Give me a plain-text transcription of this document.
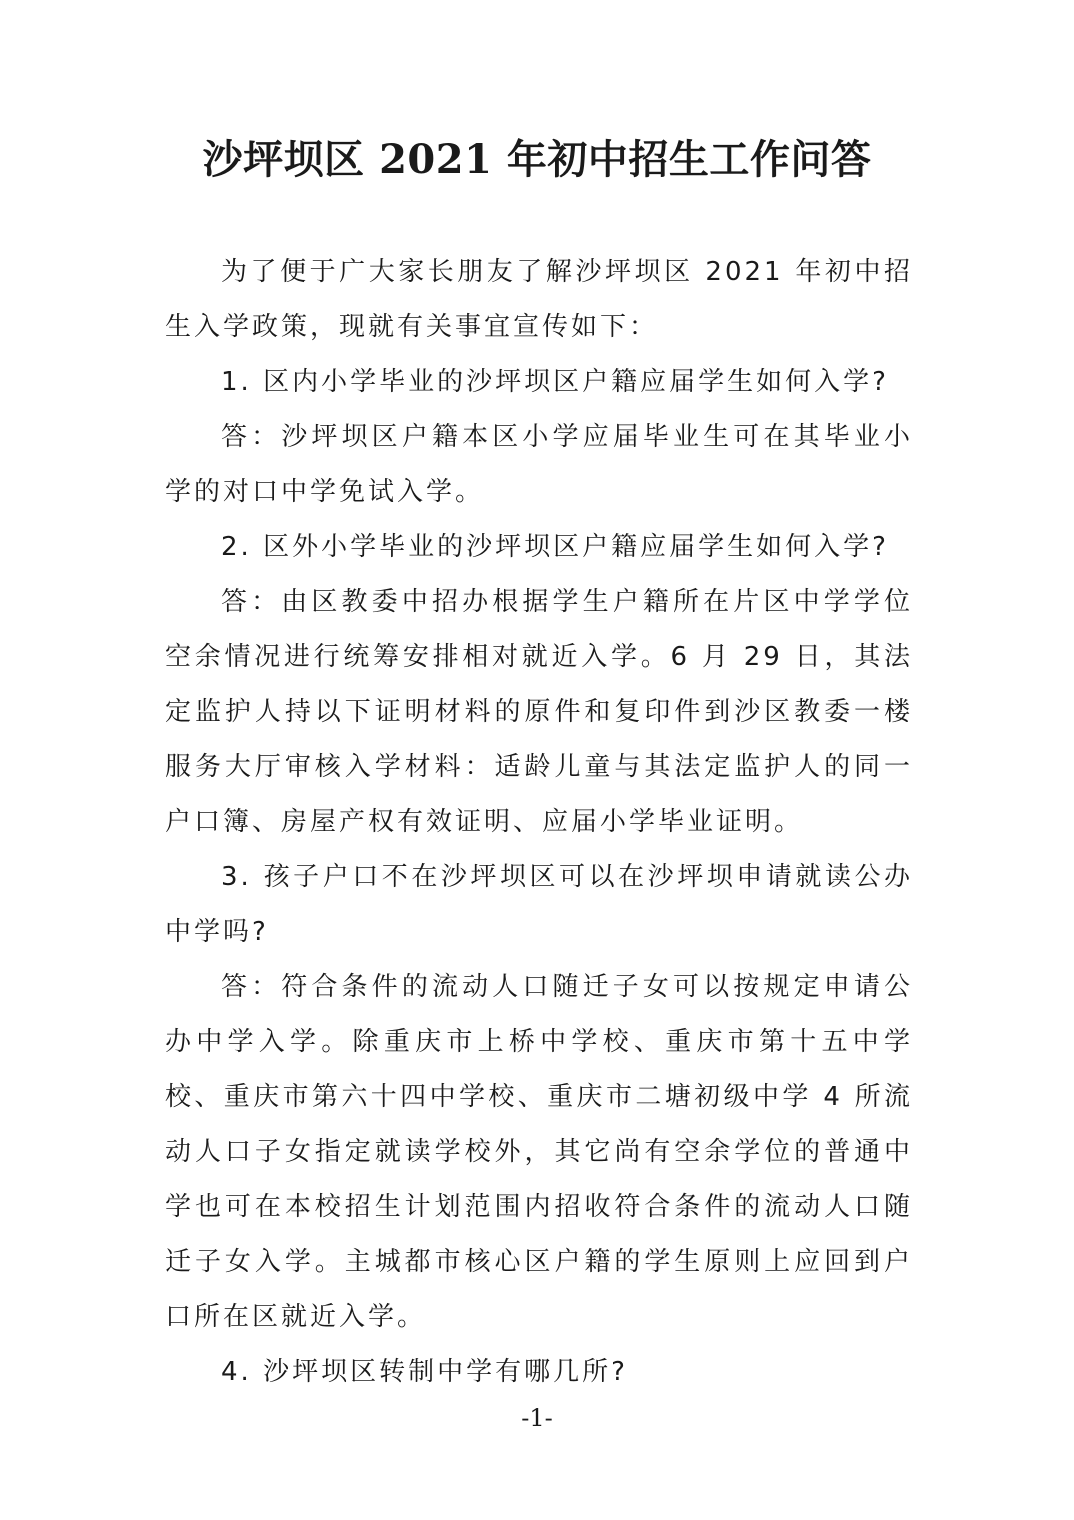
沙坪坝区 2021 年初中招生工作问答

为了便于广大家长朋友了解沙坪坝区 2021 年初中招生入学政策，现就有关事宜宣传如下：

1. 区内小学毕业的沙坪坝区户籍应届学生如何入学?

答：沙坪坝区户籍本区小学应届毕业生可在其毕业小学的对口中学免试入学。

2. 区外小学毕业的沙坪坝区户籍应届学生如何入学?

答：由区教委中招办根据学生户籍所在片区中学学位空余情况进行统筹安排相对就近入学。6 月 29 日，其法定监护人持以下证明材料的原件和复印件到沙区教委一楼服务大厅审核入学材料：适龄儿童与其法定监护人的同一户口簿、房屋产权有效证明、应届小学毕业证明。

3. 孩子户口不在沙坪坝区可以在沙坪坝申请就读公办中学吗?

答：符合条件的流动人口随迁子女可以按规定申请公办中学入学。除重庆市上桥中学校、重庆市第十五中学校、重庆市第六十四中学校、重庆市二塘初级中学 4 所流动人口子女指定就读学校外，其它尚有空余学位的普通中学也可在本校招生计划范围内招收符合条件的流动人口随迁子女入学。主城都市核心区户籍的学生原则上应回到户口所在区就近入学。

4. 沙坪坝区转制中学有哪几所?

-1-
